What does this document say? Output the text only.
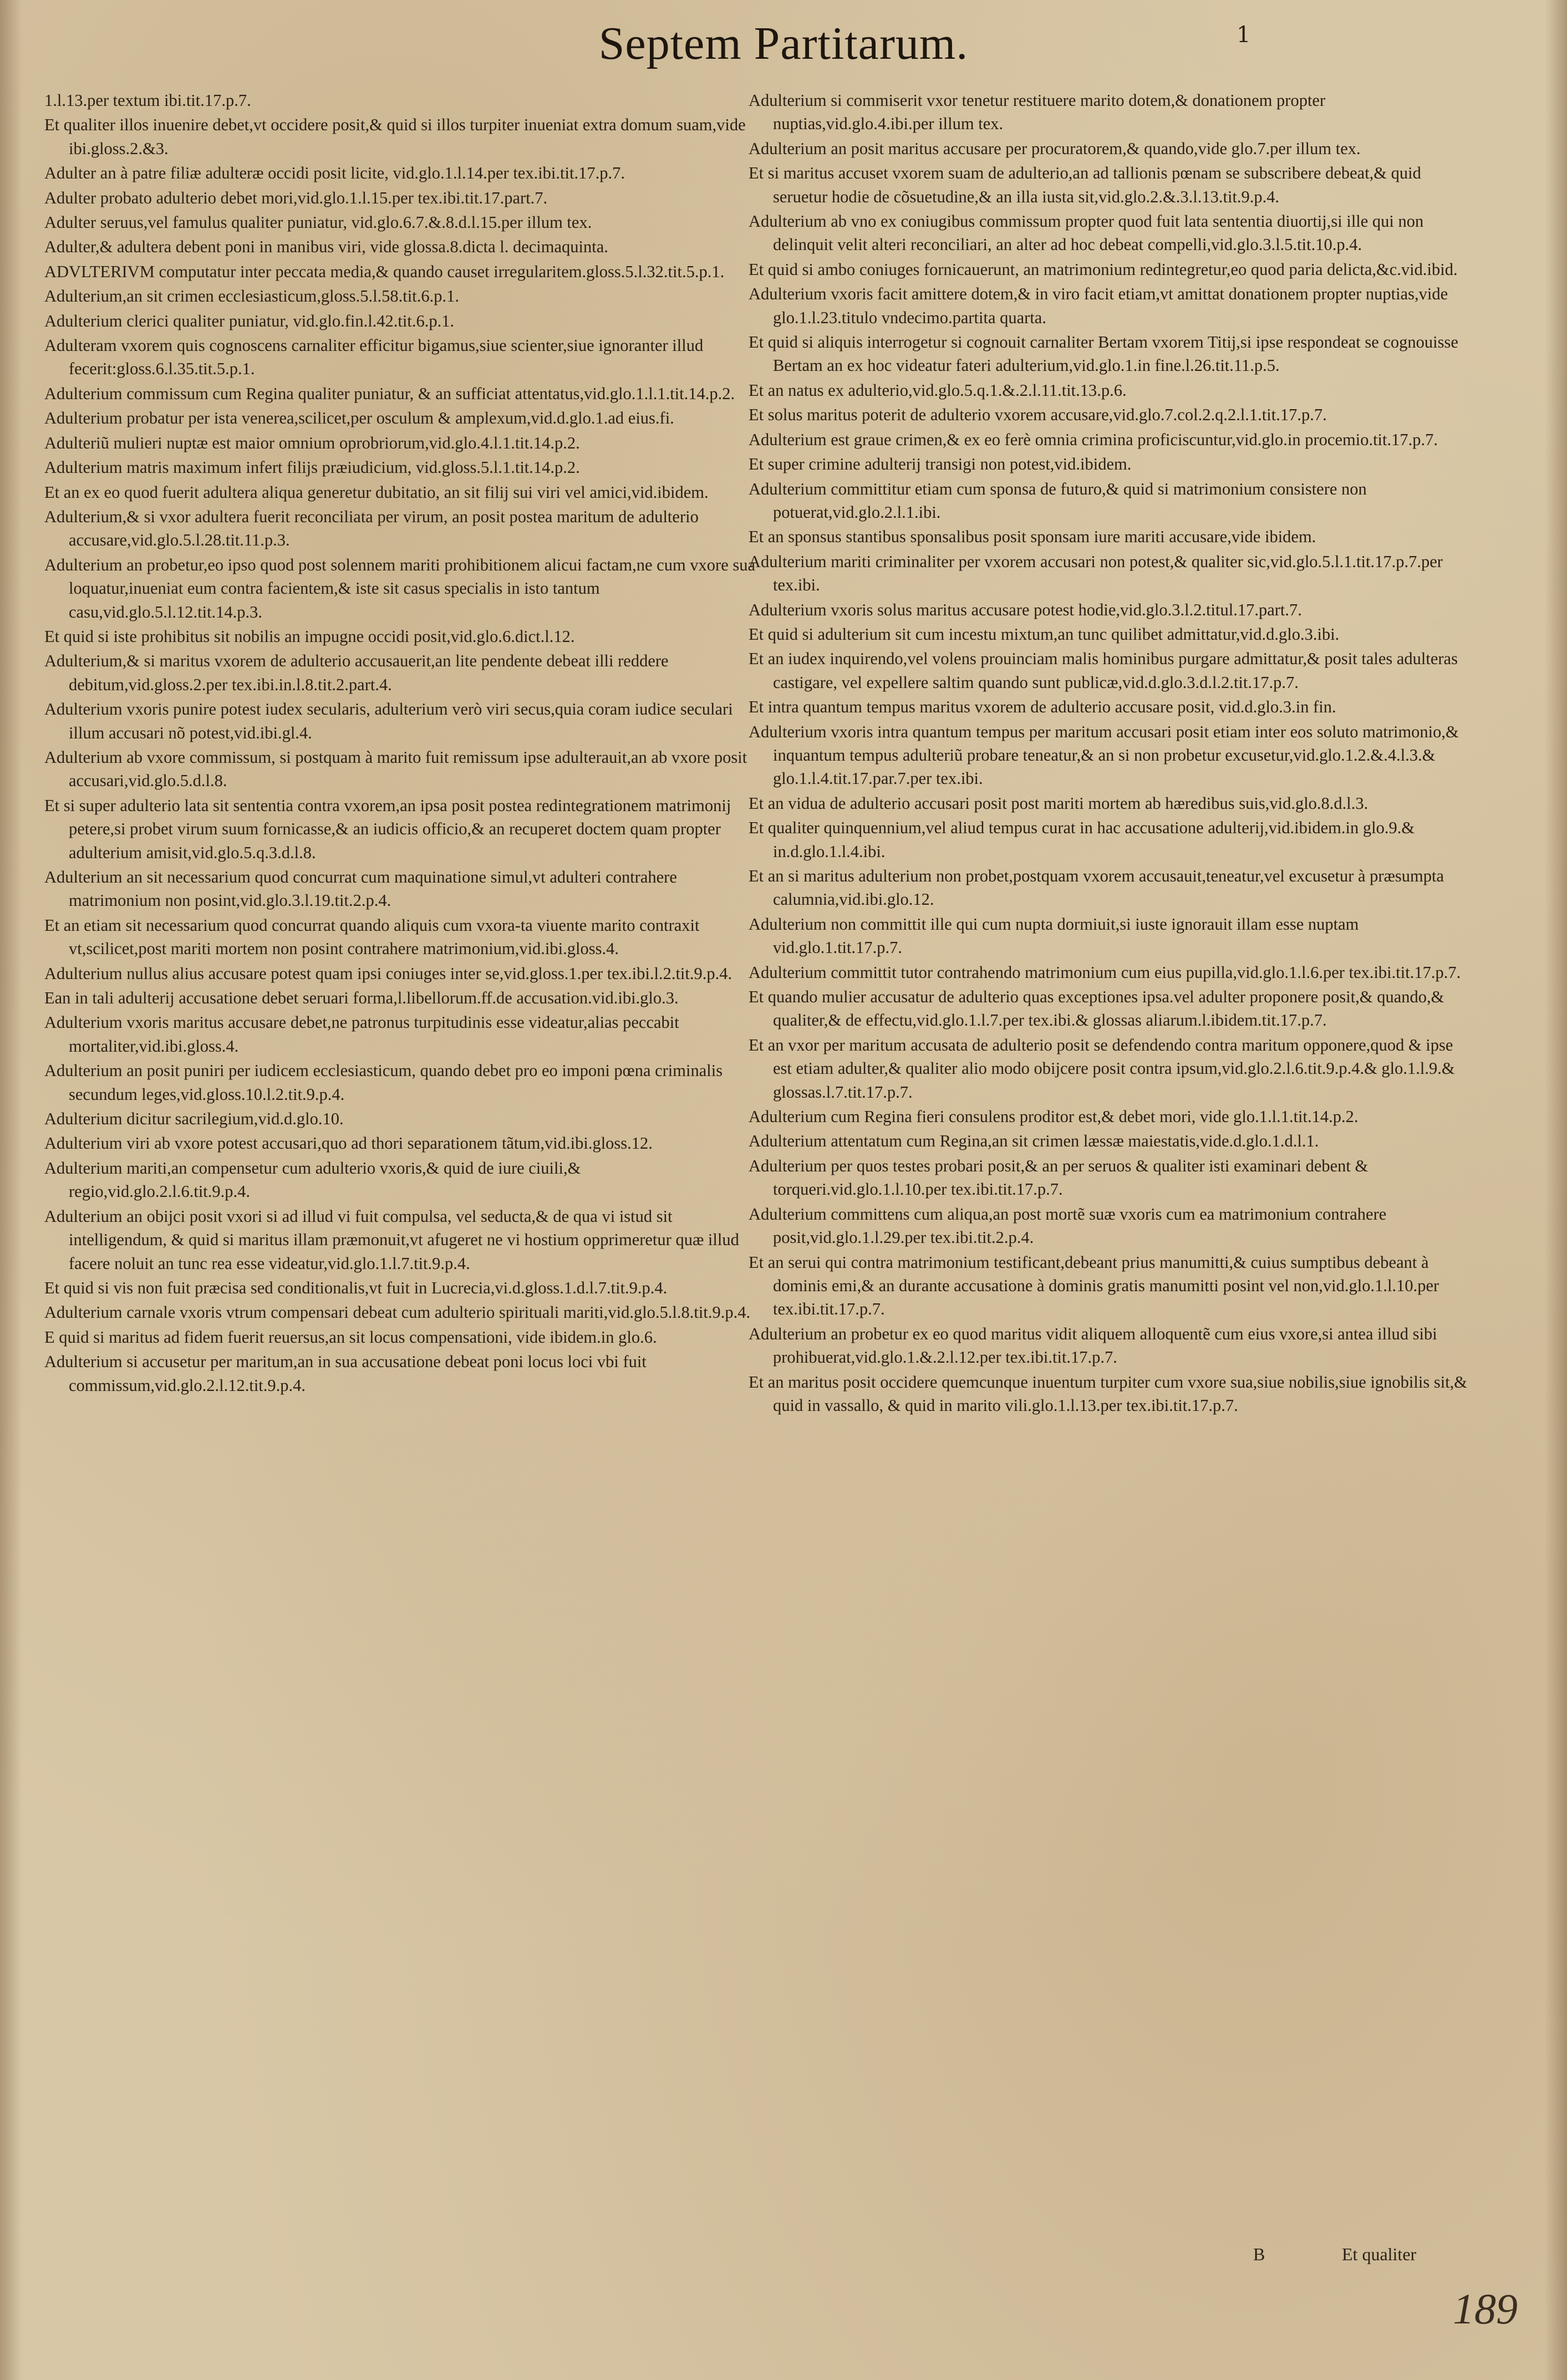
Septem Partitarum.	1
1.l.13.per textum ibi.tit.17.p.7.
Et qualiter illos inuenire debet,vt occidere posit,& quid si illos turpiter inueniat extra domum suam,vide ibi.gloss.2.&3.
Adulter an à patre filiæ adulteræ occidi posit licite, vid.glo.1.l.14.per tex.ibi.tit.17.p.7.
Adulter probato adulterio debet mori,vid.glo.1.l.15.per tex.ibi.tit.17.part.7.
Adulter seruus,vel famulus qualiter puniatur, vid.glo.6.7.&.8.d.l.15.per illum tex.
Adulter,& adultera debent poni in manibus viri, vide glossa.8.dicta l. decimaquinta.
ADVLTERIVM computatur inter peccata media,& quando causet irregularitem.gloss.5.l.32.tit.5.p.1.
Adulterium,an sit crimen ecclesiasticum,gloss.5.l.58.tit.6.p.1.
Adulterium clerici qualiter puniatur, vid.glo.fin.l.42.tit.6.p.1.
Adulteram vxorem quis cognoscens carnaliter efficitur bigamus,siue scienter,siue ignoranter illud fecerit:gloss.6.l.35.tit.5.p.1.
Adulterium commissum cum Regina qualiter puniatur, & an sufficiat attentatus,vid.glo.1.l.1.tit.14.p.2.
Adulterium probatur per ista venerea,scilicet,per osculum & amplexum,vid.d.glo.1.ad eius.fi.
Adulteriũ mulieri nuptæ est maior omnium oprobriorum,vid.glo.4.l.1.tit.14.p.2.
Adulterium matris maximum infert filijs præiudicium, vid.gloss.5.l.1.tit.14.p.2.
Et an ex eo quod fuerit adultera aliqua generetur dubitatio, an sit filij sui viri vel amici,vid.ibidem.
Adulterium,& si vxor adultera fuerit reconciliata per virum, an posit postea maritum de adulterio accusare,vid.glo.5.l.28.tit.11.p.3.
Adulterium an probetur,eo ipso quod post solennem mariti prohibitionem alicui factam,ne cum vxore sua loquatur,inueniat eum contra facientem,& iste sit casus specialis in isto tantum casu,vid.glo.5.l.12.tit.14.p.3.
Et quid si iste prohibitus sit nobilis an impugne occidi posit,vid.glo.6.dict.l.12.
Adulterium,& si maritus vxorem de adulterio accusauerit,an lite pendente debeat illi reddere debitum,vid.gloss.2.per tex.ibi.in.l.8.tit.2.part.4.
Adulterium vxoris punire potest iudex secularis, adulterium verò viri secus,quia coram iudice seculari illum accusari nõ potest,vid.ibi.gl.4.
Adulterium ab vxore commissum, si postquam à marito fuit remissum ipse adulterauit,an ab vxore posit accusari,vid.glo.5.d.l.8.
Et si super adulterio lata sit sententia contra vxorem,an ipsa posit postea redintegrationem matrimonij petere,si probet virum suum fornicasse,& an iudicis officio,& an recuperet doctem quam propter adulterium amisit,vid.glo.5.q.3.d.l.8.
Adulterium an sit necessarium quod concurrat cum maquinatione simul,vt adulteri contrahere matrimonium non posint,vid.glo.3.l.19.tit.2.p.4.
Et an etiam sit necessarium quod concurrat quando aliquis cum vxora-ta viuente marito contraxit vt,scilicet,post mariti mortem non posint contrahere matrimonium,vid.ibi.gloss.4.
Adulterium nullus alius accusare potest quam ipsi coniuges inter se,vid.gloss.1.per tex.ibi.l.2.tit.9.p.4.
Ean in tali adulterij accusatione debet seruari forma,l.libellorum.ff.de accusation.vid.ibi.glo.3.
Adulterium vxoris maritus accusare debet,ne patronus turpitudinis esse videatur,alias peccabit mortaliter,vid.ibi.gloss.4.
Adulterium an posit puniri per iudicem ecclesiasticum, quando debet pro eo imponi pœna criminalis secundum leges,vid.gloss.10.l.2.tit.9.p.4.
Adulterium dicitur sacrilegium,vid.d.glo.10.
Adulterium viri ab vxore potest accusari,quo ad thori separationem tãtum,vid.ibi.gloss.12.
Adulterium mariti,an compensetur cum adulterio vxoris,& quid de iure ciuili,& regio,vid.glo.2.l.6.tit.9.p.4.
Adulterium an obijci posit vxori si ad illud vi fuit compulsa, vel seducta,& de qua vi istud sit intelligendum, & quid si maritus illam præmonuit,vt afugeret ne vi hostium opprimeretur quæ illud facere noluit an tunc rea esse videatur,vid.glo.1.l.7.tit.9.p.4.
Et quid si vis non fuit præcisa sed conditionalis,vt fuit in Lucrecia,vi.d.gloss.1.d.l.7.tit.9.p.4.
Adulterium carnale vxoris vtrum compensari debeat cum adulterio spirituali mariti,vid.glo.5.l.8.tit.9.p.4.
E quid si maritus ad fidem fuerit reuersus,an sit locus compensationi, vide ibidem.in glo.6.
Adulterium si accusetur per maritum,an in sua accusatione debeat poni locus loci vbi fuit commissum,vid.glo.2.l.12.tit.9.p.4.
Adulterium si commiserit vxor tenetur restituere marito dotem,& donationem propter nuptias,vid.glo.4.ibi.per illum tex.
Adulterium an posit maritus accusare per procuratorem,& quando,vide glo.7.per illum tex.
Et si maritus accuset vxorem suam de adulterio,an ad tallionis pœnam se subscribere debeat,& quid seruetur hodie de cõsuetudine,& an illa iusta sit,vid.glo.2.&.3.l.13.tit.9.p.4.
Adulterium ab vno ex coniugibus commissum propter quod fuit lata sententia diuortij,si ille qui non delinquit velit alteri reconciliari, an alter ad hoc debeat compelli,vid.glo.3.l.5.tit.10.p.4.
Et quid si ambo coniuges fornicauerunt, an matrimonium redintegretur,eo quod paria delicta,&c.vid.ibid.
Adulterium vxoris facit amittere dotem,& in viro facit etiam,vt amittat donationem propter nuptias,vide glo.1.l.23.titulo vndecimo.partita quarta.
Et quid si aliquis interrogetur si cognouit carnaliter Bertam vxorem Titij,si ipse respondeat se cognouisse Bertam an ex hoc videatur fateri adulterium,vid.glo.1.in fine.l.26.tit.11.p.5.
Et an natus ex adulterio,vid.glo.5.q.1.&.2.l.11.tit.13.p.6.
Et solus maritus poterit de adulterio vxorem accusare,vid.glo.7.col.2.q.2.l.1.tit.17.p.7.
Adulterium est graue crimen,& ex eo ferè omnia crimina proficiscuntur,vid.glo.in procemio.tit.17.p.7.
Et super crimine adulterij transigi non potest,vid.ibidem.
Adulterium committitur etiam cum sponsa de futuro,& quid si matrimonium consistere non potuerat,vid.glo.2.l.1.ibi.
Et an sponsus stantibus sponsalibus posit sponsam iure mariti accusare,vide ibidem.
Adulterium mariti criminaliter per vxorem accusari non potest,& qualiter sic,vid.glo.5.l.1.tit.17.p.7.per tex.ibi.
Adulterium vxoris solus maritus accusare potest hodie,vid.glo.3.l.2.titul.17.part.7.
Et quid si adulterium sit cum incestu mixtum,an tunc quilibet admittatur,vid.d.glo.3.ibi.
Et an iudex inquirendo,vel volens prouinciam malis hominibus purgare admittatur,& posit tales adulteras castigare, vel expellere saltim quando sunt publicæ,vid.d.glo.3.d.l.2.tit.17.p.7.
Et intra quantum tempus maritus vxorem de adulterio accusare posit, vid.d.glo.3.in fin.
Adulterium vxoris intra quantum tempus per maritum accusari posit etiam inter eos soluto matrimonio,& inquantum tempus adulteriũ probare teneatur,& an si non probetur excusetur,vid.glo.1.2.&.4.l.3.& glo.1.l.4.tit.17.par.7.per tex.ibi.
Et an vidua de adulterio accusari posit post mariti mortem ab hæredibus suis,vid.glo.8.d.l.3.
Et qualiter quinquennium,vel aliud tempus curat in hac accusatione adulterij,vid.ibidem.in glo.9.& in.d.glo.1.l.4.ibi.
Et an si maritus adulterium non probet,postquam vxorem accusauit,teneatur,vel excusetur à præsumpta calumnia,vid.ibi.glo.12.
Adulterium non committit ille qui cum nupta dormiuit,si iuste ignorauit illam esse nuptam vid.glo.1.tit.17.p.7.
Adulterium committit tutor contrahendo matrimonium cum eius pupilla,vid.glo.1.l.6.per tex.ibi.tit.17.p.7.
Et quando mulier accusatur de adulterio quas exceptiones ipsa.vel adulter proponere posit,& quando,& qualiter,& de effectu,vid.glo.1.l.7.per tex.ibi.& glossas aliarum.l.ibidem.tit.17.p.7.
Et an vxor per maritum accusata de adulterio posit se defendendo contra maritum opponere,quod & ipse est etiam adulter,& qualiter alio modo obijcere posit contra ipsum,vid.glo.2.l.6.tit.9.p.4.& glo.1.l.9.& glossas.l.7.tit.17.p.7.
Adulterium cum Regina fieri consulens proditor est,& debet mori, vide glo.1.l.1.tit.14.p.2.
Adulterium attentatum cum Regina,an sit crimen læssæ maiestatis,vide.d.glo.1.d.l.1.
Adulterium per quos testes probari posit,& an per seruos & qualiter isti examinari debent & torqueri.vid.glo.1.l.10.per tex.ibi.tit.17.p.7.
Adulterium committens cum aliqua,an post mortẽ suæ vxoris cum ea matrimonium contrahere posit,vid.glo.1.l.29.per tex.ibi.tit.2.p.4.
Et an serui qui contra matrimonium testificant,debeant prius manumitti,& cuius sumptibus debeant à dominis emi,& an durante accusatione à dominis gratis manumitti posint vel non,vid.glo.1.l.10.per tex.ibi.tit.17.p.7.
Adulterium an probetur ex eo quod maritus vidit aliquem alloquentẽ cum eius vxore,si antea illud sibi prohibuerat,vid.glo.1.&.2.l.12.per tex.ibi.tit.17.p.7.
Et an maritus posit occidere quemcunque inuentum turpiter cum vxore sua,siue nobilis,siue ignobilis sit,& quid in vassallo, & quid in marito vili.glo.1.l.13.per tex.ibi.tit.17.p.7.
B	Et qualiter
189
